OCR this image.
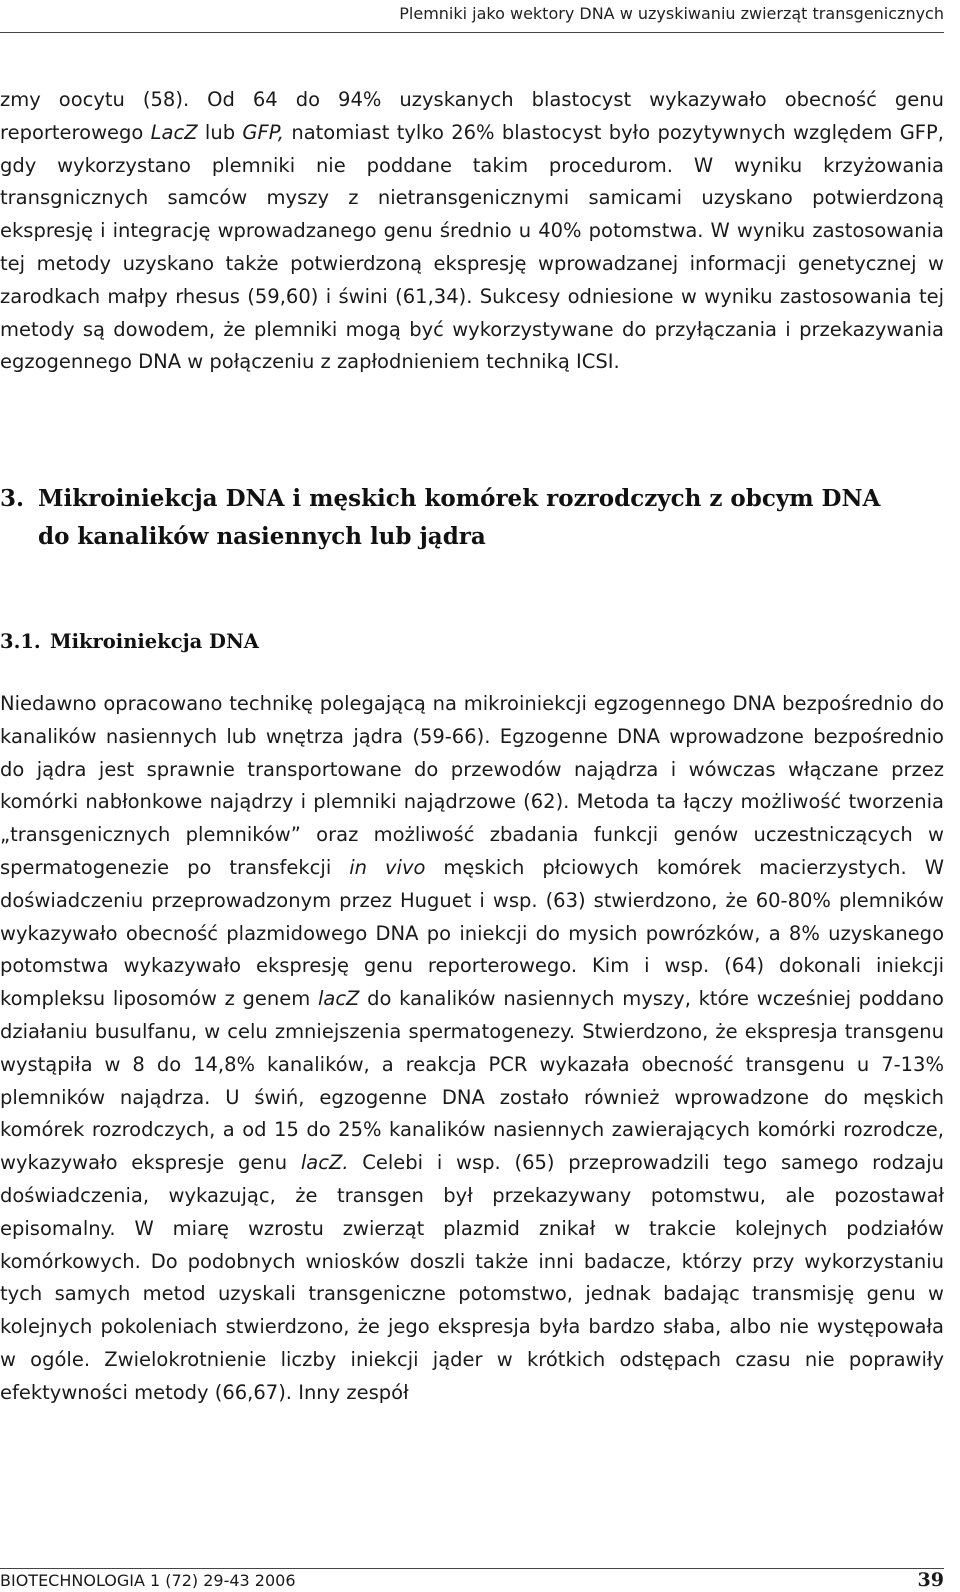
Plemniki jako wektory DNA w uzyskiwaniu zwierząt transgenicznych

zmy oocytu (58). Od 64 do 94% uzyskanych blastocyst wykazywało obecność genu reporterowego LacZ lub GFP, natomiast tylko 26% blastocyst było pozytywnych względem GFP, gdy wykorzystano plemniki nie poddane takim procedurom. W wyniku krzyżowania transgnicznych samców myszy z nietransgenicznymi samicami uzyskano potwierdzoną ekspresję i integrację wprowadzanego genu średnio u 40% potomstwa. W wyniku zastosowania tej metody uzyskano także potwierdzoną ekspresję wprowadzanej informacji genetycznej w zarodkach małpy rhesus (59,60) i świni (61,34). Sukcesy odniesione w wyniku zastosowania tej metody są dowodem, że plemniki mogą być wykorzystywane do przyłączania i przekazywania egzogennego DNA w połączeniu z zapłodnieniem techniką ICSI.

3. Mikroiniekcja DNA i męskich komórek rozrodczych z obcym DNA
do kanalików nasiennych lub jądra
3.1. Mikroiniekcja DNA

Niedawno opracowano technikę polegającą na mikroiniekcji egzogennego DNA bezpośrednio do kanalików nasiennych lub wnętrza jądra (59-66). Egzogenne DNA wprowadzone bezpośrednio do jądra jest sprawnie transportowane do przewodów najądrza i wówczas włączane przez komórki nabłonkowe najądrzy i plemniki najądrzowe (62). Metoda ta łączy możliwość tworzenia „transgenicznych plemników” oraz możliwość zbadania funkcji genów uczestniczących w spermatogenezie po transfekcji in vivo męskich płciowych komórek macierzystych. W doświadczeniu przeprowadzonym przez Huguet i wsp. (63) stwierdzono, że 60-80% plemników wykazywało obecność plazmidowego DNA po iniekcji do mysich powrózków, a 8% uzyskanego potomstwa wykazywało ekspresję genu reporterowego. Kim i wsp. (64) dokonali iniekcji kompleksu liposomów z genem lacZ do kanalików nasiennych myszy, które wcześniej poddano działaniu busulfanu, w celu zmniejszenia spermatogenezy. Stwierdzono, że ekspresja transgenu wystąpiła w 8 do 14,8% kanalików, a reakcja PCR wykazała obecność transgenu u 7-13% plemników najądrza. U świń, egzogenne DNA zostało również wprowadzone do męskich komórek rozrodczych, a od 15 do 25% kanalików nasiennych zawierających komórki rozrodcze, wykazywało ekspresje genu lacZ. Celebi i wsp. (65) przeprowadzili tego samego rodzaju doświadczenia, wykazując, że transgen był przekazywany potomstwu, ale pozostawał episomalny. W miarę wzrostu zwierząt plazmid znikał w trakcie kolejnych podziałów komórkowych. Do podobnych wniosków doszli także inni badacze, którzy przy wykorzystaniu tych samych metod uzyskali transgeniczne potomstwo, jednak badając transmisję genu w kolejnych pokoleniach stwierdzono, że jego ekspresja była bardzo słaba, albo nie występowała w ogóle. Zwielokrotnienie liczby iniekcji jąder w krótkich odstępach czasu nie poprawiły efektywności metody (66,67). Inny zespół

BIOTECHNOLOGIA 1 (72) 29-43 2006	39
